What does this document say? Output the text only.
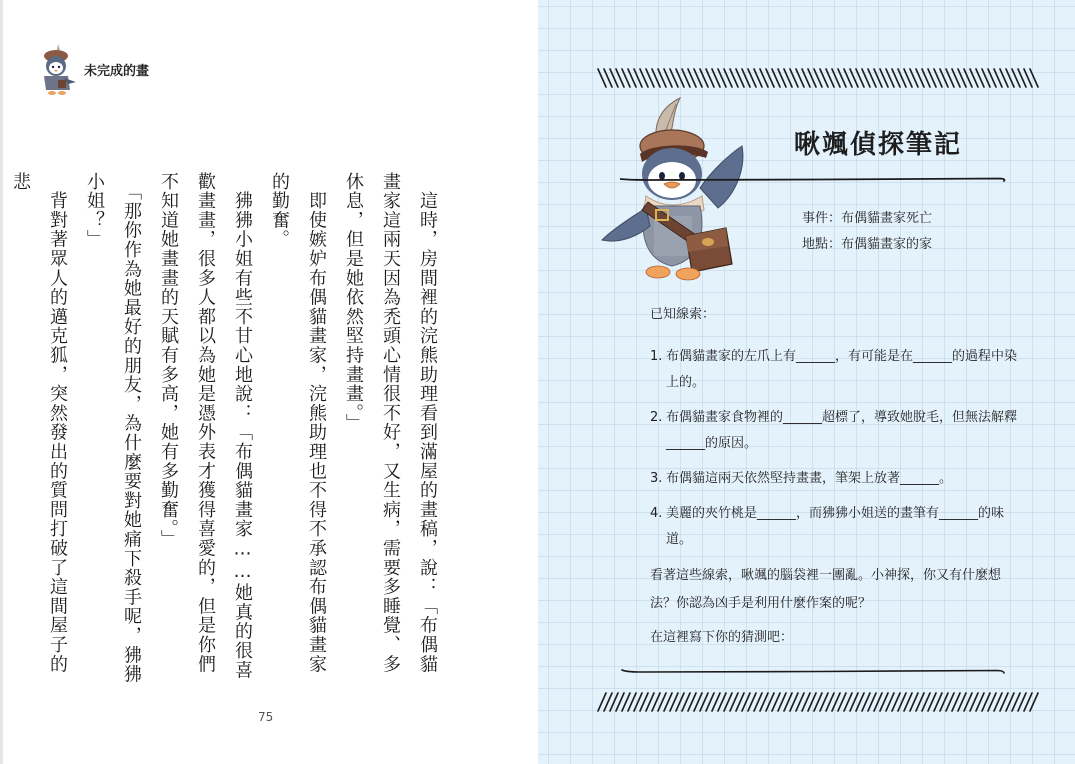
未完成的畫

　這時，房間裡的浣熊助理看到滿屋的畫稿，說：「布偶貓畫家這兩天因為禿頭心情很不好，又生病，需要多睡覺、多休息，但是她依然堅持畫畫。」

　即使嫉妒布偶貓畫家，浣熊助理也不得不承認布偶貓畫家的勤奮。

　狒狒小姐有些不甘心地說：「布偶貓畫家……她真的很喜歡畫畫，很多人都以為她是憑外表才獲得喜愛的，但是你們不知道她畫畫的天賦有多高，她有多勤奮。」

　「那你作為她最好的朋友，為什麼要對她痛下殺手呢，狒狒小姐？」

　背對著眾人的邁克狐，突然發出的質問打破了這間屋子的悲

75
啾颯偵探筆記
事件：布偶貓畫家死亡
地點：布偶貓畫家的家
已知線索：
1. 布偶貓畫家的左爪上有______，有可能是在______的過程中染上的。
2. 布偶貓畫家食物裡的______超標了，導致她脫毛，但無法解釋______的原因。
3. 布偶貓這兩天依然堅持畫畫，筆架上放著______。
4. 美麗的夾竹桃是______，而狒狒小姐送的畫筆有______的味道。
看著這些線索，啾颯的腦袋裡一團亂。小神探，你又有什麼想法？你認為凶手是利用什麼作案的呢？
在這裡寫下你的猜測吧：
